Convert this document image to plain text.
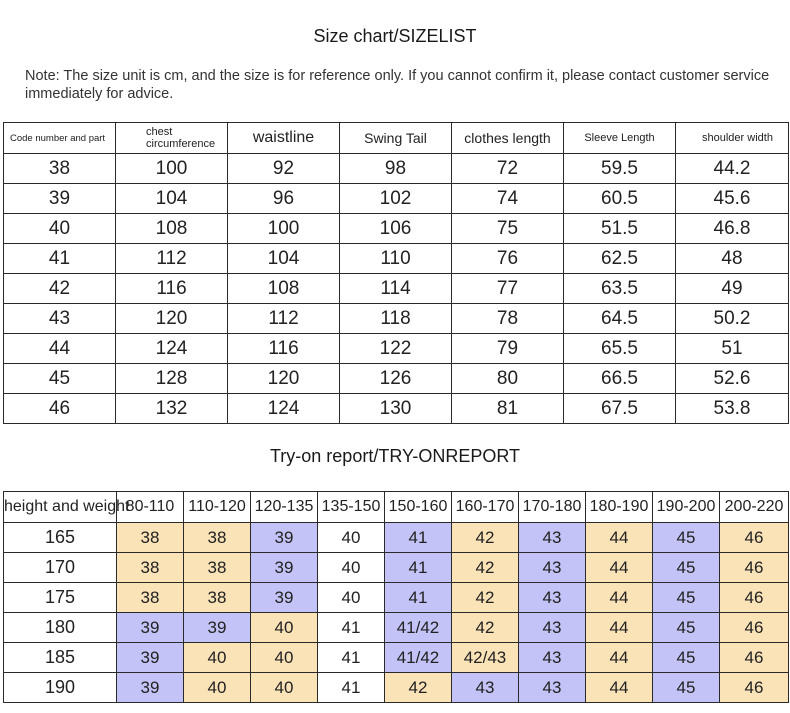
Size chart/SIZELIST
Note: The size unit is cm, and the size is for reference only. If you cannot confirm it, please contact customer service immediately for advice.
Code number and part	chest circumference	waistline	Swing Tail	clothes length	Sleeve Length	shoulder width
38	100	92	98	72	59.5	44.2
39	104	96	102	74	60.5	45.6
40	108	100	106	75	51.5	46.8
41	112	104	110	76	62.5	48
42	116	108	114	77	63.5	49
43	120	112	118	78	64.5	50.2
44	124	116	122	79	65.5	51
45	128	120	126	80	66.5	52.6
46	132	124	130	81	67.5	53.8
Try-on report/TRY-ONREPORT
height and weight	80-110	110-120	120-135	135-150	150-160	160-170	170-180	180-190	190-200	200-220
165	38	38	39	40	41	42	43	44	45	46
170	38	38	39	40	41	42	43	44	45	46
175	38	38	39	40	41	42	43	44	45	46
180	39	39	40	41	41/42	42	43	44	45	46
185	39	40	40	41	41/42	42/43	43	44	45	46
190	39	40	40	41	42	43	43	44	45	46
